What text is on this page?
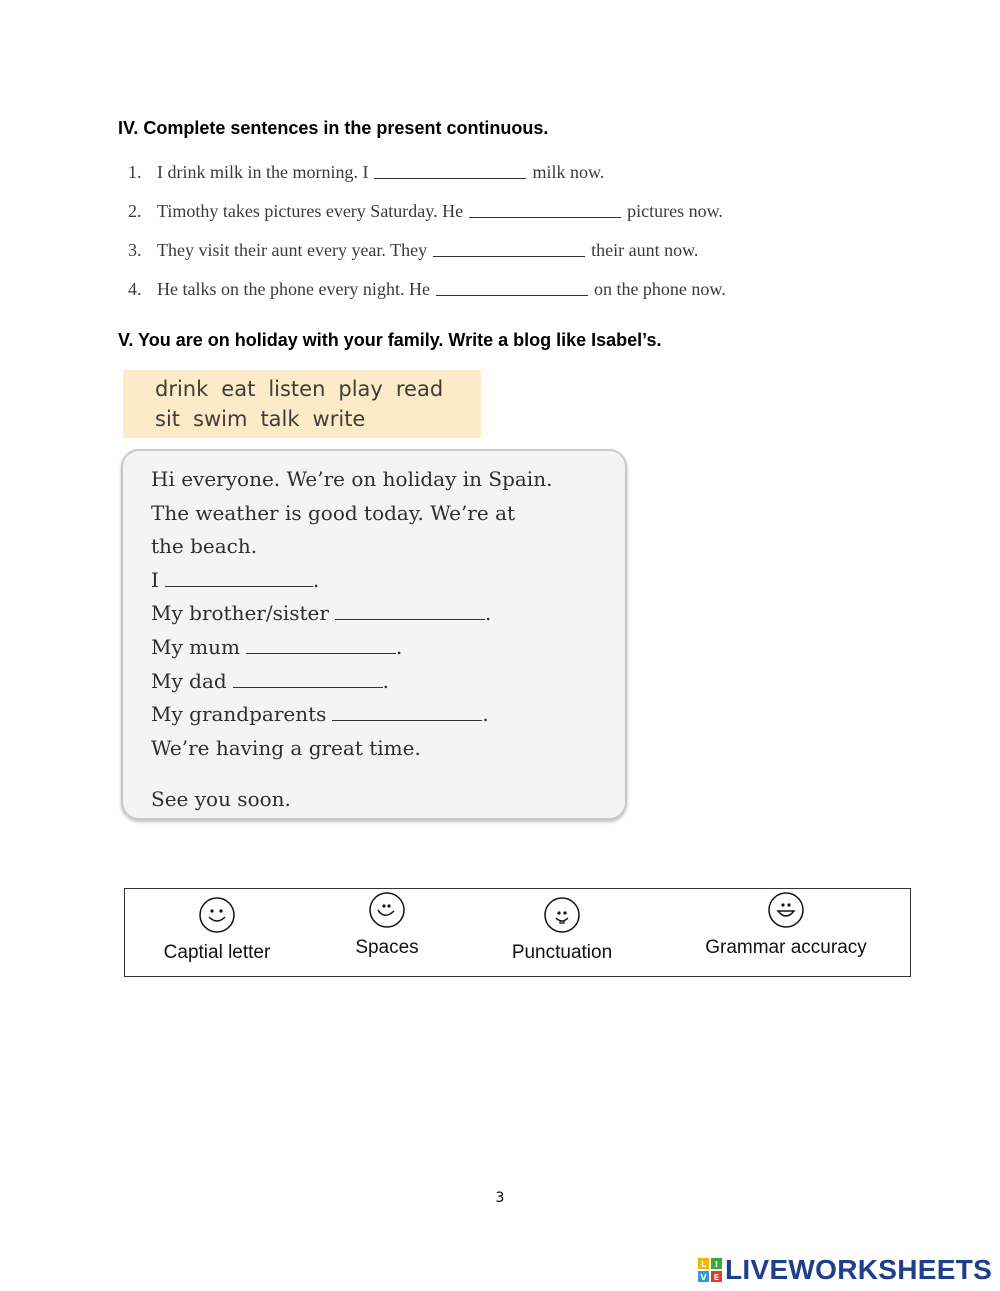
IV. Complete sentences in the present continuous.
1. I drink milk in the morning. I	milk now.
2. Timothy takes pictures every Saturday. He	pictures now.
3. They visit their aunt every year. They	their aunt now.
4. He talks on the phone every night. He	on the phone now.
V. You are on holiday with your family. Write a blog like Isabel’s.
drink eat listen play read
sit swim talk write
Hi everyone. We’re on holiday in Spain.
The weather is good today. We’re at
the beach.
I	.
My brother/sister	.
My mum	.
My dad	.
My grandparents	.
We’re having a great time.
See you soon.
Captial letter	Spaces	Punctuation	Grammar accuracy
3
L I
V E LIVEWORKSHEETS
